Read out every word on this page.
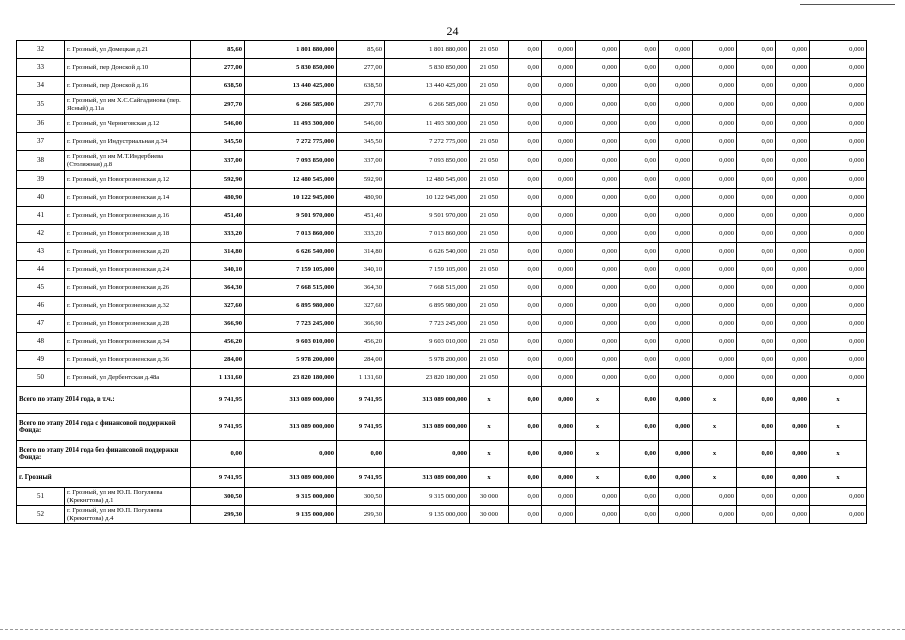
24
32	г. Грозный, ул Домецкая д.21	85,60	1 801 880,000	85,60	1 801 880,000	21 050	0,00	0,000	0,000	0,00	0,000	0,000	0,00	0,000	0,000
33	г. Грозный, пер Донской д.10	277,00	5 830 850,000	277,00	5 830 850,000	21 050	0,00	0,000	0,000	0,00	0,000	0,000	0,00	0,000	0,000
34	г. Грозный, пер Донской д.16	638,50	13 440 425,000	638,50	13 440 425,000	21 050	0,00	0,000	0,000	0,00	0,000	0,000	0,00	0,000	0,000
35	г. Грозный, ул им Х.С.Сайгадинова (пер. Ясный) д.11а	297,70	6 266 585,000	297,70	6 266 585,000	21 050	0,00	0,000	0,000	0,00	0,000	0,000	0,00	0,000	0,000
36	г. Грозный, ул Черниговская д.12	546,00	11 493 300,000	546,00	11 493 300,000	21 050	0,00	0,000	0,000	0,00	0,000	0,000	0,00	0,000	0,000
37	г. Грозный, ул Индустриальная д.34	345,50	7 272 775,000	345,50	7 272 775,000	21 050	0,00	0,000	0,000	0,00	0,000	0,000	0,00	0,000	0,000
38	г. Грозный, ул им М.Т.Индербиева (Столяжная) д.8	337,00	7 093 850,000	337,00	7 093 850,000	21 050	0,00	0,000	0,000	0,00	0,000	0,000	0,00	0,000	0,000
39	г. Грозный, ул Новогрозненская д.12	592,90	12 480 545,000	592,90	12 480 545,000	21 050	0,00	0,000	0,000	0,00	0,000	0,000	0,00	0,000	0,000
40	г. Грозный, ул Новогрозненская д.14	480,90	10 122 945,000	480,90	10 122 945,000	21 050	0,00	0,000	0,000	0,00	0,000	0,000	0,00	0,000	0,000
41	г. Грозный, ул Новогрозненская д.16	451,40	9 501 970,000	451,40	9 501 970,000	21 050	0,00	0,000	0,000	0,00	0,000	0,000	0,00	0,000	0,000
42	г. Грозный, ул Новогрозненская д.18	333,20	7 013 860,000	333,20	7 013 860,000	21 050	0,00	0,000	0,000	0,00	0,000	0,000	0,00	0,000	0,000
43	г. Грозный, ул Новогрозненская д.20	314,80	6 626 540,000	314,80	6 626 540,000	21 050	0,00	0,000	0,000	0,00	0,000	0,000	0,00	0,000	0,000
44	г. Грозный, ул Новогрозненская д.24	340,10	7 159 105,000	340,10	7 159 105,000	21 050	0,00	0,000	0,000	0,00	0,000	0,000	0,00	0,000	0,000
45	г. Грозный, ул Новогрозненская д.26	364,30	7 668 515,000	364,30	7 668 515,000	21 050	0,00	0,000	0,000	0,00	0,000	0,000	0,00	0,000	0,000
46	г. Грозный, ул Новогрозненская д.32	327,60	6 895 980,000	327,60	6 895 980,000	21 050	0,00	0,000	0,000	0,00	0,000	0,000	0,00	0,000	0,000
47	г. Грозный, ул Новогрозненская д.28	366,90	7 723 245,000	366,90	7 723 245,000	21 050	0,00	0,000	0,000	0,00	0,000	0,000	0,00	0,000	0,000
48	г. Грозный, ул Новогрозненская д.34	456,20	9 603 010,000	456,20	9 603 010,000	21 050	0,00	0,000	0,000	0,00	0,000	0,000	0,00	0,000	0,000
49	г. Грозный, ул Новогрозненская д.36	284,00	5 978 200,000	284,00	5 978 200,000	21 050	0,00	0,000	0,000	0,00	0,000	0,000	0,00	0,000	0,000
50	г. Грозный, ул Дербентская д.48а	1 131,60	23 820 180,000	1 131,60	23 820 180,000	21 050	0,00	0,000	0,000	0,00	0,000	0,000	0,00	0,000	0,000
Всего по этапу 2014 года, в т.ч.:		9 741,95	313 089 000,000	9 741,95	313 089 000,000	x	0,00	0,000	x	0,00	0,000	x	0,00	0,000	x
Всего по этапу 2014 года с финансовой поддержкой Фонда:		9 741,95	313 089 000,000	9 741,95	313 089 000,000	x	0,00	0,000	x	0,00	0,000	x	0,00	0,000	x
Всего по этапу 2014 года без финансовой поддержки Фонда:		0,00	0,000	0,00	0,000	x	0,00	0,000	x	0,00	0,000	x	0,00	0,000	x
г. Грозный		9 741,95	313 089 000,000	9 741,95	313 089 000,000	x	0,00	0,000	x	0,00	0,000	x	0,00	0,000	x
51	г. Грозный, ул им Ю.П. Погуляева (Крекнгтова) д.1	300,50	9 315 000,000	300,50	9 315 000,000	30 000	0,00	0,000	0,000	0,00	0,000	0,000	0,00	0,000	0,000
52	г. Грозный, ул им Ю.П. Погуляева (Крекнгтова) д.4	299,30	9 135 000,000	299,30	9 135 000,000	30 000	0,00	0,000	0,000	0,00	0,000	0,000	0,00	0,000	0,000
